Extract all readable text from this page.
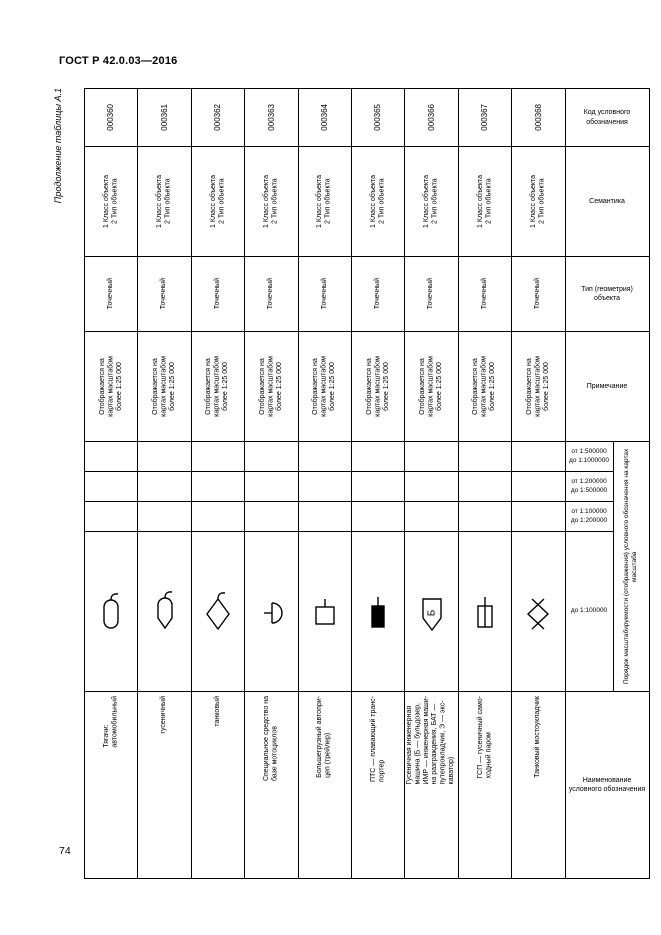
ГОСТ Р 42.0.03—2016
Продолжение таблицы А.1
74
Код условного обозначения
Семантика
Тип (геометрия) объекта
Примечание
от 1:500000
до 1:1000000
от 1:200000
до 1:500000
от 1:100000
до 1:200000
до 1:100000 Порядок масштабируемости (отображения) условного обозначения на картах масштаба
Наименование условного обозначения
000360
1 Класс объекта 2 Тип объекта
Точечный
Отображается на картах масштабом более 1:25 000
Тягачи: автомобильный
000361
1 Класс объекта 2 Тип объекта
Точечный
Отображается на картах масштабом более 1:25 000
гусеничный
000362
1 Класс объекта 2 Тип объекта
Точечный
Отображается на картах масштабом более 1:25 000
танковый
000363
1 Класс объекта 2 Тип объекта
Точечный
Отображается на картах масштабом более 1:25 000
Специальное средство на базе мотоциклов
000364
1 Класс объекта 2 Тип объекта
Точечный
Отображается на картах масштабом более 1:25 000
Большегрузный автопри- цеп (трейлер)
000365
1 Класс объекта 2 Тип объекта
Точечный
Отображается на картах масштабом более 1:25 000
ПТС — плавающий транс- портер
000366
1 Класс объекта 2 Тип объекта
Точечный
Отображается на картах масштабом более 1:25 000
Б
Гусеничная инженерная машина (Б — бульдозер, ИМР — инженерная маши- на разграждения, БАТ — путепрокладчик, Э — экс- каватор)
000367
1 Класс объекта 2 Тип объекта
Точечный
Отображается на картах масштабом более 1:25 000
ГСП — гусеничный само- ходный паром
000368
1 Класс объекта 2 Тип объекта
Точечный
Отображается на картах масштабом более 1:25 000
Танковый мостоукладчик
